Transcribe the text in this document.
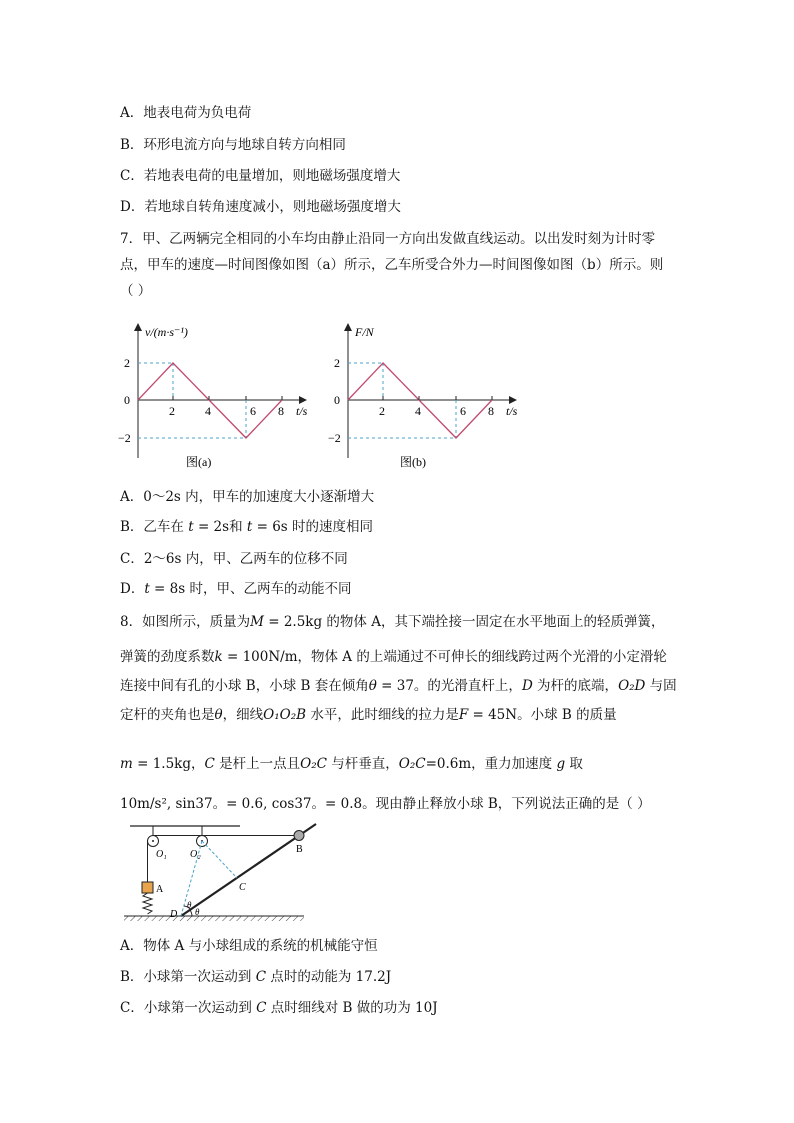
A．地表电荷为负电荷
B．环形电流方向与地球自转方向相同
C．若地表电荷的电量增加，则地磁场强度增大
D．若地球自转角速度减小，则地磁场强度增大
7．甲、乙两辆完全相同的小车均由静止沿同一方向出发做直线运动。以出发时刻为计时零
点，甲车的速度—时间图像如图（a）所示，乙车所受合外力—时间图像如图（b）所示。则
（ ）
v/(m·s⁻¹)
2
0
−2
2	4	6 8 t/s
图(a)
F/N
2
0
−2
2	4	6 8 t/s
图(b)
A．0～2s 内，甲车的加速度大小逐渐增大
B．乙车在 t = 2s和 t = 6s 时的速度相同
C．2～6s 内，甲、乙两车的位移不同
D．t = 8s 时，甲、乙两车的动能不同
8．如图所示，质量为M = 2.5kg 的物体 A，其下端拴接一固定在水平地面上的轻质弹簧，
弹簧的劲度系数k = 100N/m，物体 A 的上端通过不可伸长的细线跨过两个光滑的小定滑轮
连接中间有孔的小球 B，小球 B 套在倾角θ = 37。的光滑直杆上，D 为杆的底端，O₂D 与固
定杆的夹角也是θ，细线O₁O₂B 水平，此时细线的拉力是F = 45N。小球 B 的质量
m = 1.5kg，C 是杆上一点且O₂C 与杆垂直，O₂C=0.6m，重力加速度 g 取
10m/s², sin37。= 0.6, cos37。= 0.8。现由静止释放小球 B，下列说法正确的是（ ）
O₁ O₂
A
B
C
D
θ
θ
A．物体 A 与小球组成的系统的机械能守恒
B．小球第一次运动到 C 点时的动能为 17.2J
C．小球第一次运动到 C 点时细线对 B 做的功为 10J
